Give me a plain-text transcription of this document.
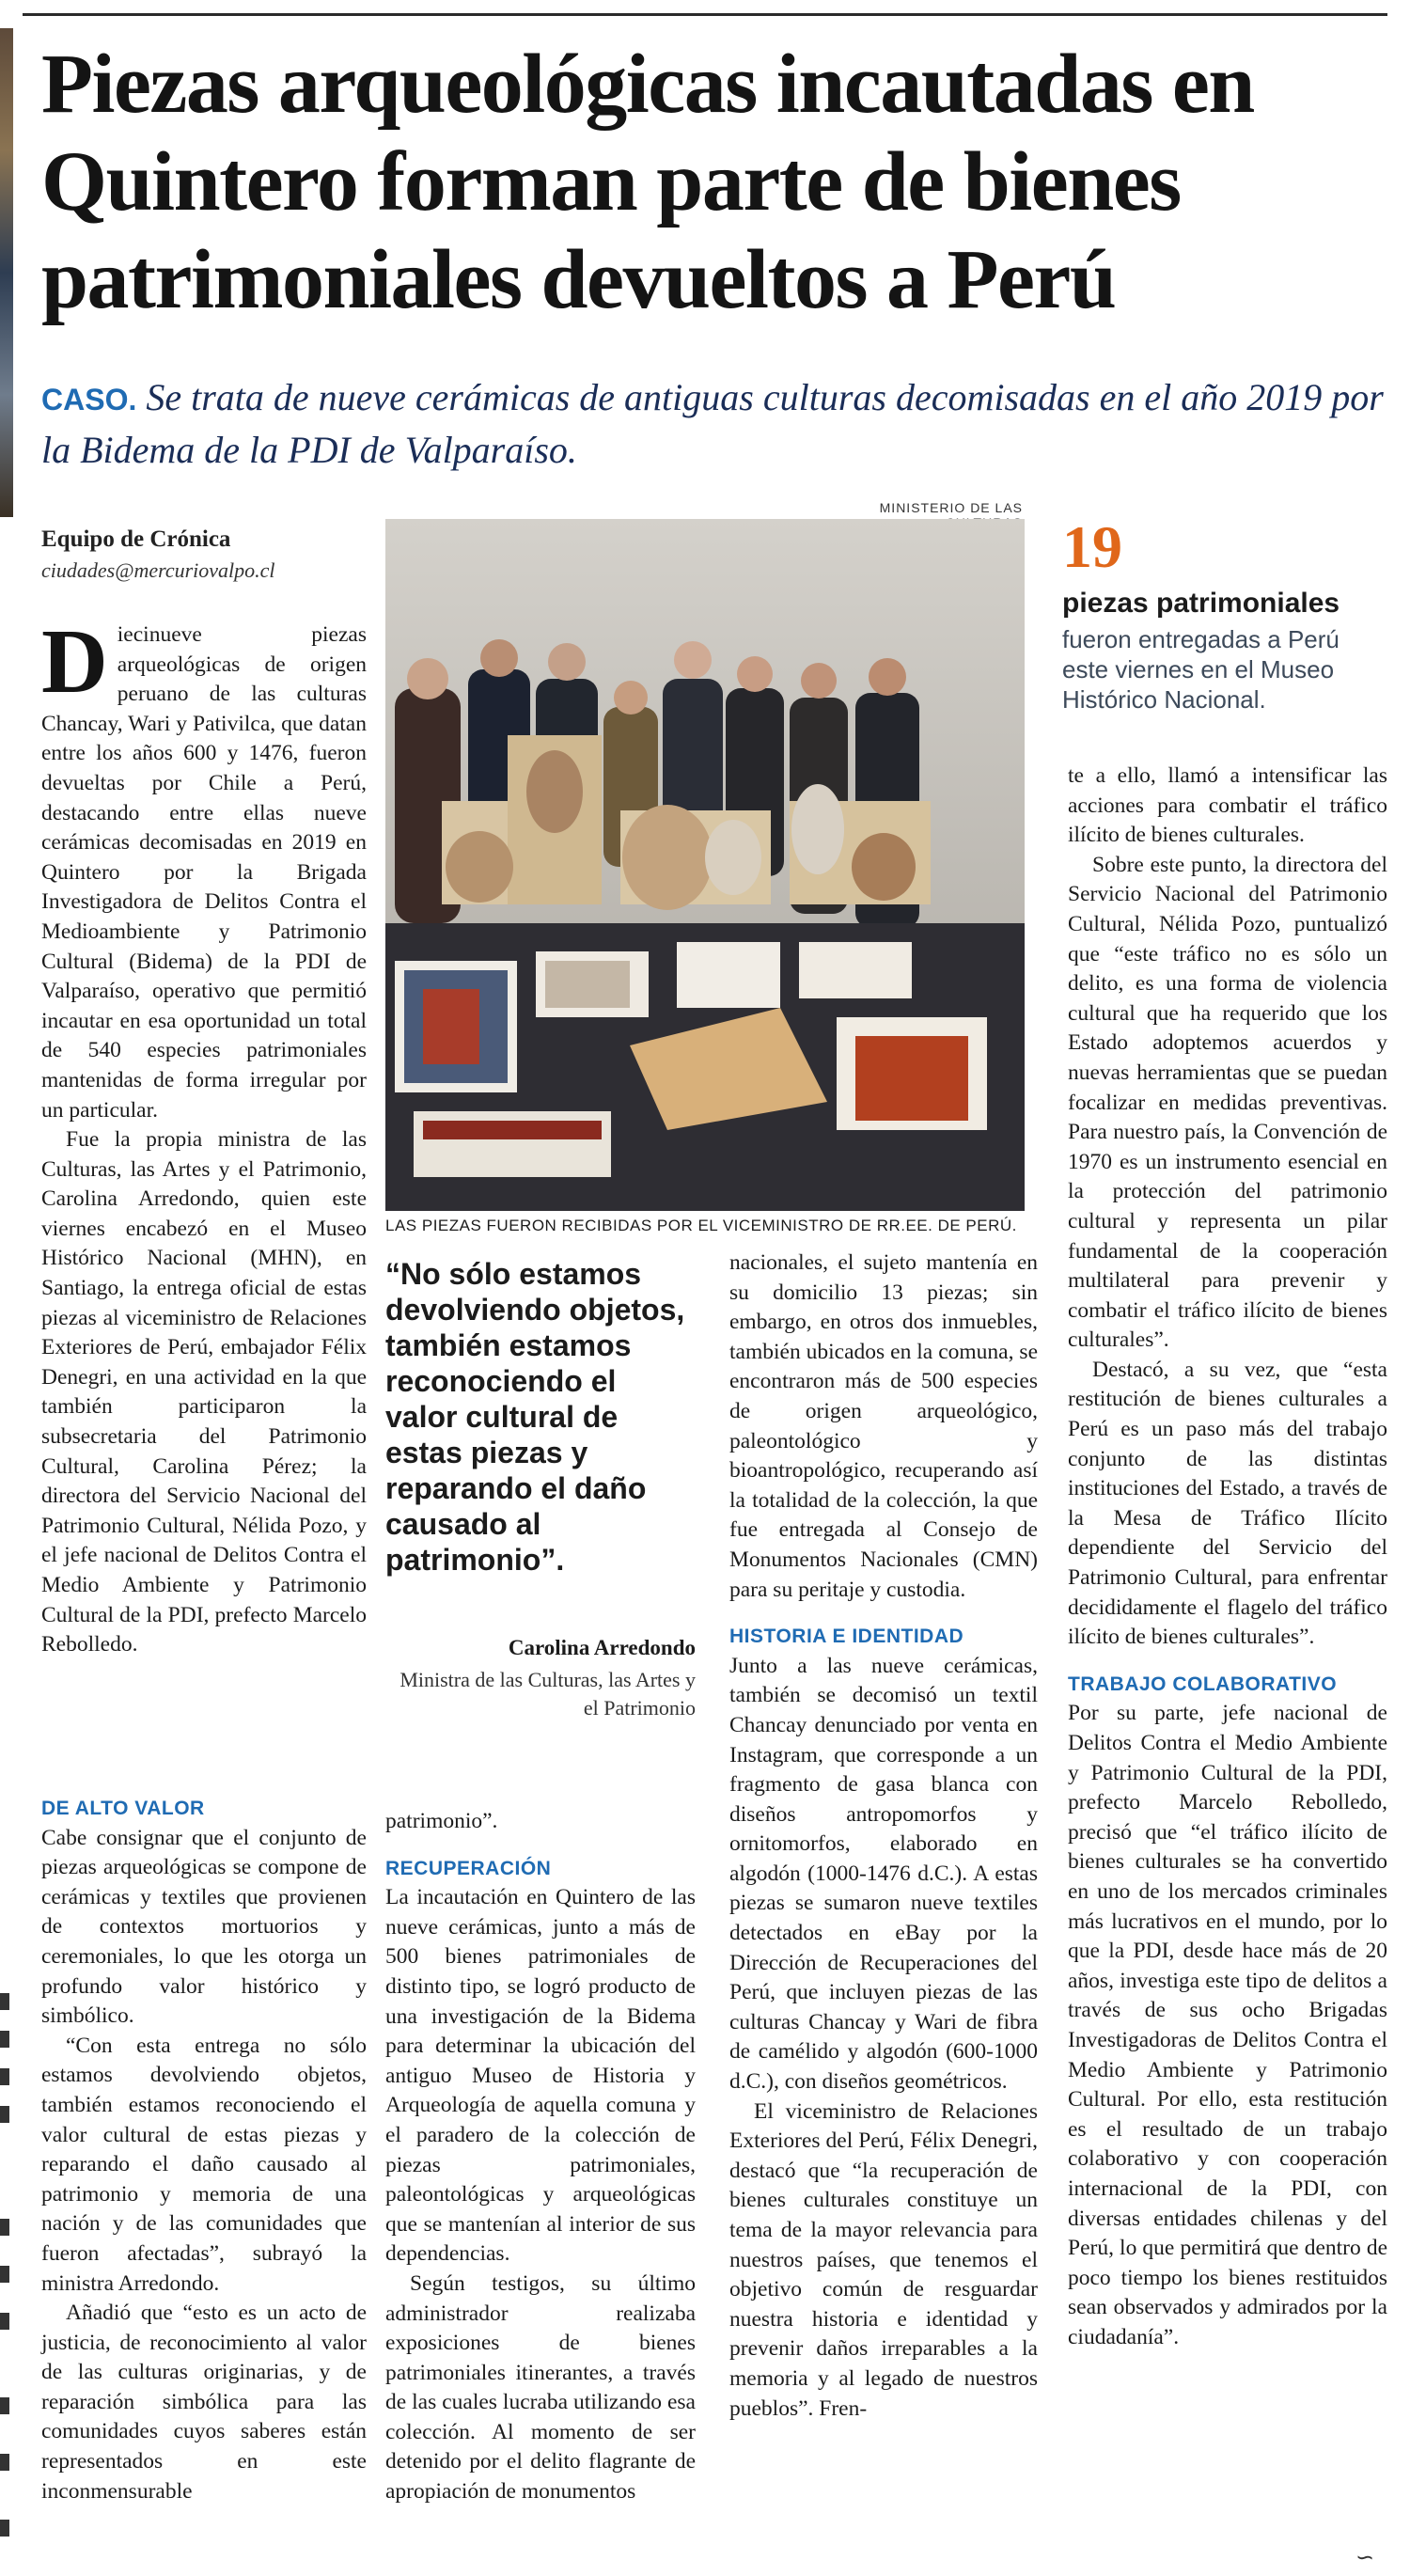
Piezas arqueológicas incautadas en Quintero forman parte de bienes patrimoniales devueltos a Perú
CASO. Se trata de nueve cerámicas de antiguas culturas decomisadas en el año 2019 por la Bidema de la PDI de Valparaíso.
Equipo de Crónica
ciudades@mercuriovalpo.cl
MINISTERIO DE LAS
LAS PIEZAS FUERON RECIBIDAS POR EL VICEMINISTRO DE RR.EE. DE PERÚ.
19
piezas patrimoniales
fueron entregadas a Perú este viernes en el Museo Histórico Nacional.

Diecinueve piezas arqueológicas de origen peruano de las culturas Chancay, Wari y Pativilca, que datan entre los años 600 y 1476, fueron devueltas por Chile a Perú, destacando entre ellas nueve cerámicas decomisadas en 2019 en Quintero por la Brigada Investigadora de Delitos Contra el Medioambiente y Patrimonio Cultural (Bidema) de la PDI de Valparaíso, operativo que permitió incautar en esa oportunidad un total de 540 especies patrimoniales mantenidas de forma irregular por un particular.

Fue la propia ministra de las Culturas, las Artes y el Patrimonio, Carolina Arredondo, quien este viernes encabezó en el Museo Histórico Nacional (MHN), en Santiago, la entrega oficial de estas piezas al viceministro de Relaciones Exteriores de Perú, embajador Félix Denegri, en una actividad en la que también participaron la subsecretaria del Patrimonio Cultural, Carolina Pérez; la directora del Servicio Nacional del Patrimonio Cultural, Nélida Pozo, y el jefe nacional de Delitos Contra el Medio Ambiente y Patrimonio Cultural de la PDI, prefecto Marcelo Rebolledo.

DE ALTO VALOR

Cabe consignar que el conjunto de piezas arqueológicas se compone de cerámicas y textiles que provienen de contextos mortuorios y ceremoniales, lo que les otorga un profundo valor histórico y simbólico.

“Con esta entrega no sólo estamos devolviendo objetos, también estamos reconociendo el valor cultural de estas piezas y reparando el daño causado al patrimonio y memoria de una nación y de las comunidades que fueron afectadas”, subrayó la ministra Arredondo.

Añadió que “esto es un acto de justicia, de reconocimiento al valor de las culturas originarias, y de reparación simbólica para las comunidades cuyos saberes están representados en este inconmensurable

“No sólo estamos devolviendo objetos, también estamos reconociendo el valor cultural de estas piezas y reparando el daño causado al patrimonio”.
Carolina Arredondo
Ministra de las Culturas, las Artes y el Patrimonio

patrimonio”.

RECUPERACIÓN

La incautación en Quintero de las nueve cerámicas, junto a más de 500 bienes patrimoniales de distinto tipo, se logró producto de una investigación de la Bidema para determinar la ubicación del antiguo Museo de Historia y Arqueología de aquella comuna y el paradero de la colección de piezas patrimoniales, paleontológicas y arqueológicas que se mantenían al interior de sus dependencias.

Según testigos, su último administrador realizaba exposiciones de bienes patrimoniales itinerantes, a través de las cuales lucraba utilizando esa colección. Al momento de ser detenido por el delito flagrante de apropiación de monumentos

nacionales, el sujeto mantenía en su domicilio 13 piezas; sin embargo, en otros dos inmuebles, también ubicados en la comuna, se encontraron más de 500 especies de origen arqueológico, paleontológico y bioantropológico, recuperando así la totalidad de la colección, la que fue entregada al Consejo de Monumentos Nacionales (CMN) para su peritaje y custodia.

HISTORIA E IDENTIDAD

Junto a las nueve cerámicas, también se decomisó un textil Chancay denunciado por venta en Instagram, que corresponde a un fragmento de gasa blanca con diseños antropomorfos y ornitomorfos, elaborado en algodón (1000-1476 d.C.). A estas piezas se sumaron nueve textiles detectados en eBay por la Dirección de Recuperaciones del Perú, que incluyen piezas de las culturas Chancay y Wari de fibra de camélido y algodón (600-1000 d.C.), con diseños geométricos.

El viceministro de Relaciones Exteriores del Perú, Félix Denegri, destacó que “la recuperación de bienes culturales constituye un tema de la mayor relevancia para nuestros países, que tenemos el objetivo común de resguardar nuestra historia e identidad y prevenir daños irreparables a la memoria y al legado de nuestros pueblos”. Fren-

te a ello, llamó a intensificar las acciones para combatir el tráfico ilícito de bienes culturales.

Sobre este punto, la directora del Servicio Nacional del Patrimonio Cultural, Nélida Pozo, puntualizó que “este tráfico no es sólo un delito, es una forma de violencia cultural que ha requerido que los Estado adoptemos acuerdos y nuevas herramientas que se puedan focalizar en medidas preventivas. Para nuestro país, la Convención de 1970 es un instrumento esencial en la protección del patrimonio cultural y representa un pilar fundamental de la cooperación multilateral para prevenir y combatir el tráfico ilícito de bienes culturales”.

Destacó, a su vez, que “esta restitución de bienes culturales a Perú es un paso más del trabajo conjunto de las distintas instituciones del Estado, a través de la Mesa de Tráfico Ilícito dependiente del Servicio del Patrimonio Cultural, para enfrentar decididamente el flagelo del tráfico ilícito de bienes culturales”.

TRABAJO COLABORATIVO

Por su parte, jefe nacional de Delitos Contra el Medio Ambiente y Patrimonio Cultural de la PDI, prefecto Marcelo Rebolledo, precisó que “el tráfico ilícito de bienes culturales se ha convertido en uno de los mercados criminales más lucrativos en el mundo, por lo que la PDI, desde hace más de 20 años, investiga este tipo de delitos a través de sus ocho Brigadas Investigadoras de Delitos Contra el Medio Ambiente y Patrimonio Cultural. Por ello, esta restitución es el resultado de un trabajo colaborativo y con cooperación internacional de la PDI, con diversas entidades chilenas y del Perú, lo que permitirá que dentro de poco tiempo los bienes restituidos sean observados y admirados por la ciudadanía”.

∽
